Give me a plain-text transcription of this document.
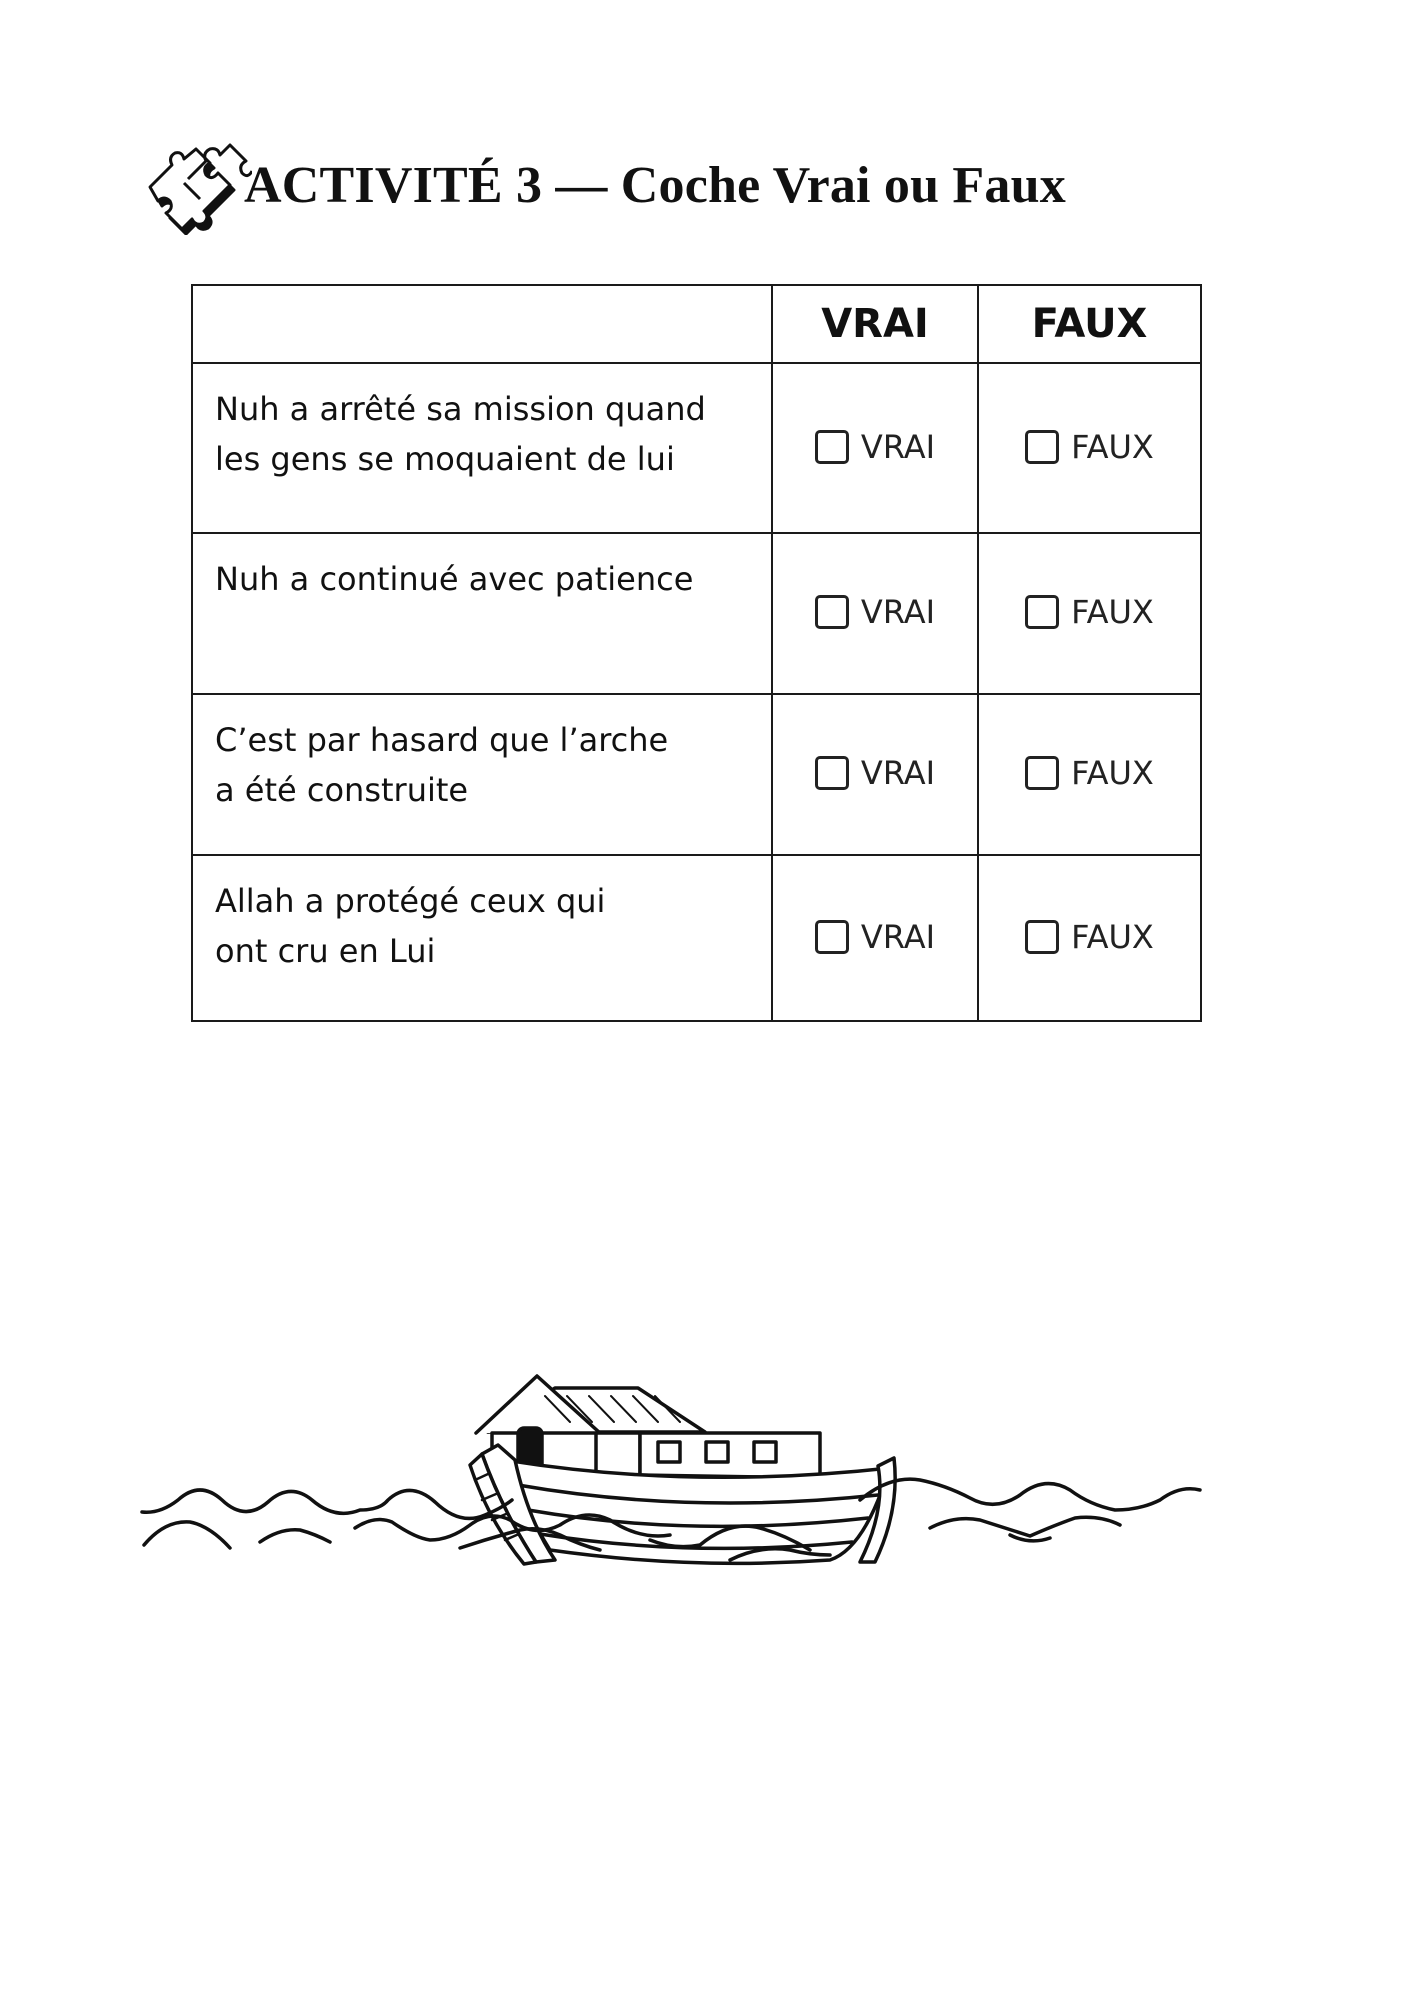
ACTIVITÉ 3 — Coche Vrai ou Faux
	VRAI	FAUX

Nuh a arrêté sa mission quand
les gens se moquaient de lui	VRAI	FAUX

Nuh a continué avec patience	VRAI	FAUX

C’est par hasard que l’arche
a été construite	VRAI	FAUX

Allah a protégé ceux qui
ont cru en Lui	VRAI	FAUX
